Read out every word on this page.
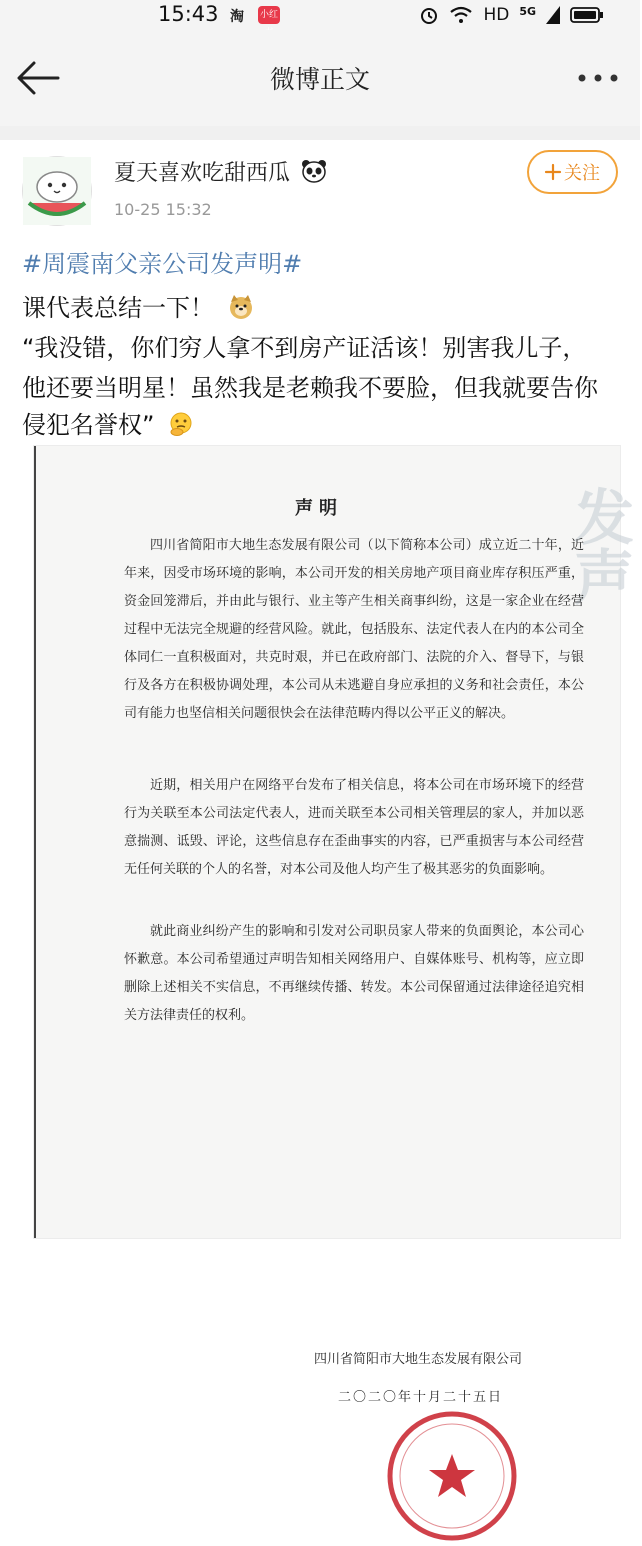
15:43 淘 小红	HD 5G
微博正文
夏天喜欢吃甜西瓜
10-25 15:32
关注
#周震南父亲公司发声明#
课代表总结一下！
“我没错，你们穷人拿不到房产证活该！别害我儿子，
他还要当明星！虽然我是老赖我不要脸，但我就要告你
侵犯名誉权”
发声
声明
四川省简阳市大地生态发展有限公司（以下简称本公司）成立近二十年，近年来，因受市场环境的影响，本公司开发的相关房地产项目商业库存积压严重，资金回笼滞后，并由此与银行、业主等产生相关商事纠纷，这是一家企业在经营过程中无法完全规避的经营风险。就此，包括股东、法定代表人在内的本公司全体同仁一直积极面对，共克时艰，并已在政府部门、法院的介入、督导下，与银行及各方在积极协调处理，本公司从未逃避自身应承担的义务和社会责任，本公司有能力也坚信相关问题很快会在法律范畴内得以公平正义的解决。
近期，相关用户在网络平台发布了相关信息，将本公司在市场环境下的经营行为关联至本公司法定代表人，进而关联至本公司相关管理层的家人，并加以恶意揣测、诋毁、评论，这些信息存在歪曲事实的内容，已严重损害与本公司经营无任何关联的个人的名誉，对本公司及他人均产生了极其恶劣的负面影响。
就此商业纠纷产生的影响和引发对公司职员家人带来的负面舆论，本公司心怀歉意。本公司希望通过声明告知相关网络用户、自媒体账号、机构等，应立即删除上述相关不实信息，不再继续传播、转发。本公司保留通过法律途径追究相关方法律责任的权利。
四川省简阳市大地生态发展有限公司
二〇二〇年十月二十五日
